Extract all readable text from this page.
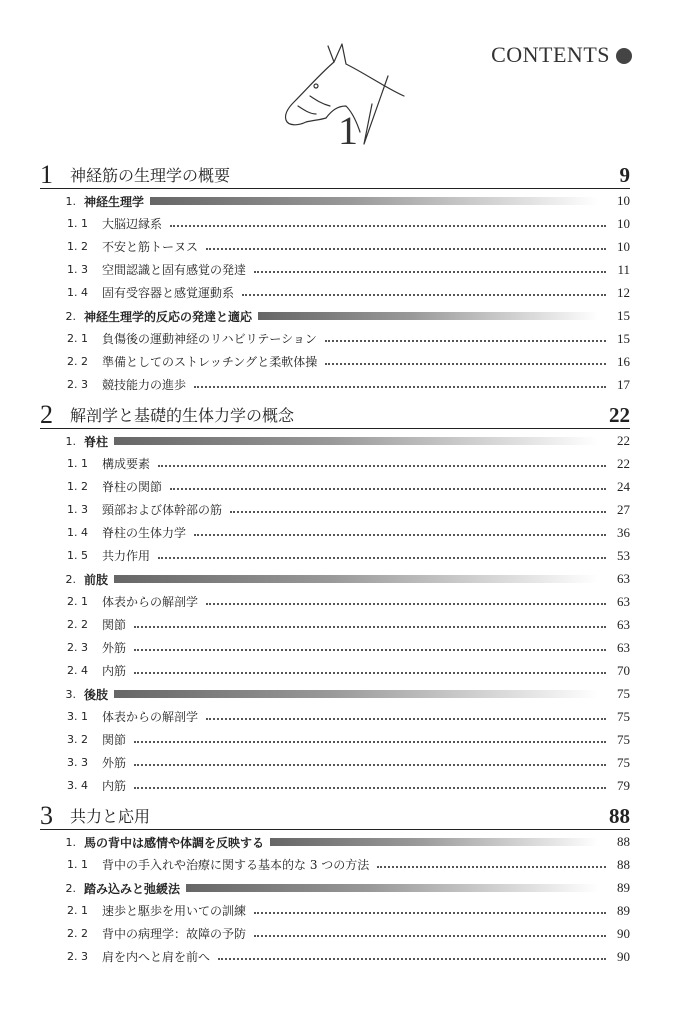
CONTENTS
1
1	神経筋の生理学の概要	9
1. 神経生理学	10
1. 1	大脳辺縁系	10
1. 2	不安と筋トーヌス	10
1. 3	空間認識と固有感覚の発達	11
1. 4	固有受容器と感覚運動系	12
2. 神経生理学的反応の発達と適応	15
2. 1	負傷後の運動神経のリハビリテーション	15
2. 2	準備としてのストレッチングと柔軟体操	16
2. 3	競技能力の進歩	17
2	解剖学と基礎的生体力学の概念	22
1. 脊柱	22
1. 1	構成要素	22
1. 2	脊柱の関節	24
1. 3	頸部および体幹部の筋	27
1. 4	脊柱の生体力学	36
1. 5	共力作用	53
2. 前肢	63
2. 1	体表からの解剖学	63
2. 2	関節	63
2. 3	外筋	63
2. 4	内筋	70
3. 後肢	75
3. 1	体表からの解剖学	75
3. 2	関節	75
3. 3	外筋	75
3. 4	内筋	79
3	共力と応用	88
1. 馬の背中は感情や体調を反映する	88
1. 1	背中の手入れや治療に関する基本的な 3 つの方法	88
2. 踏み込みと弛緩法	89
2. 1	速歩と駆歩を用いての訓練	89
2. 2	背中の病理学：故障の予防	90
2. 3	肩を内へと肩を前へ	90
